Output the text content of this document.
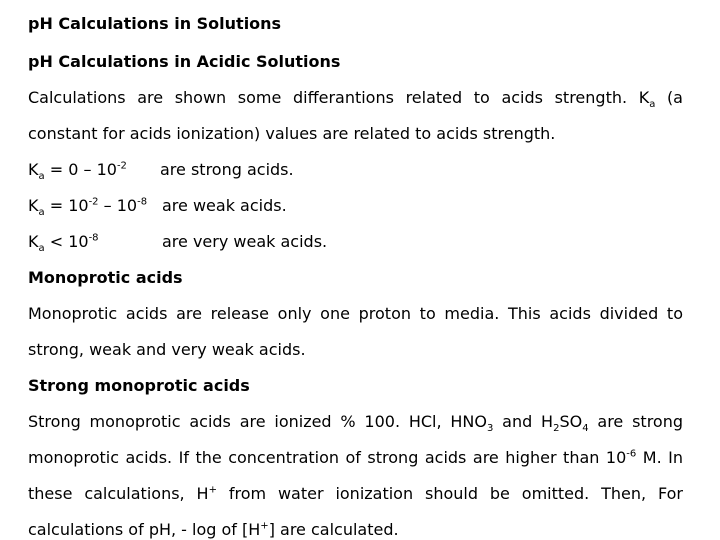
pH Calculations in Solutions
pH Calculations in Acidic Solutions
Calculations are shown some differantions related to acids strength. $K_a$ (a
constant for acids ionization) values are related to acids strength.
$K_a = 0 - 10^{-2}$ are strong acids.
$K_a = 10^{-2} - 10^{-8}$ are weak acids.
$K_a < 10^{-8}$	are very weak acids.
Monoprotic acids
Monoprotic acids are release only one proton to media. This acids divided to
strong, weak and very weak acids.
Strong monoprotic acids
Strong monoprotic acids are ionized % 100. HCl, $HNO_3$ and $H_2SO_4$ are strong
monoprotic acids. If the concentration of strong acids are higher than $10^{-6}$ M. In
these calculations, H+ from water ionization should be omitted. Then, For
calculations of pH, - log of [H+] are calculated.
